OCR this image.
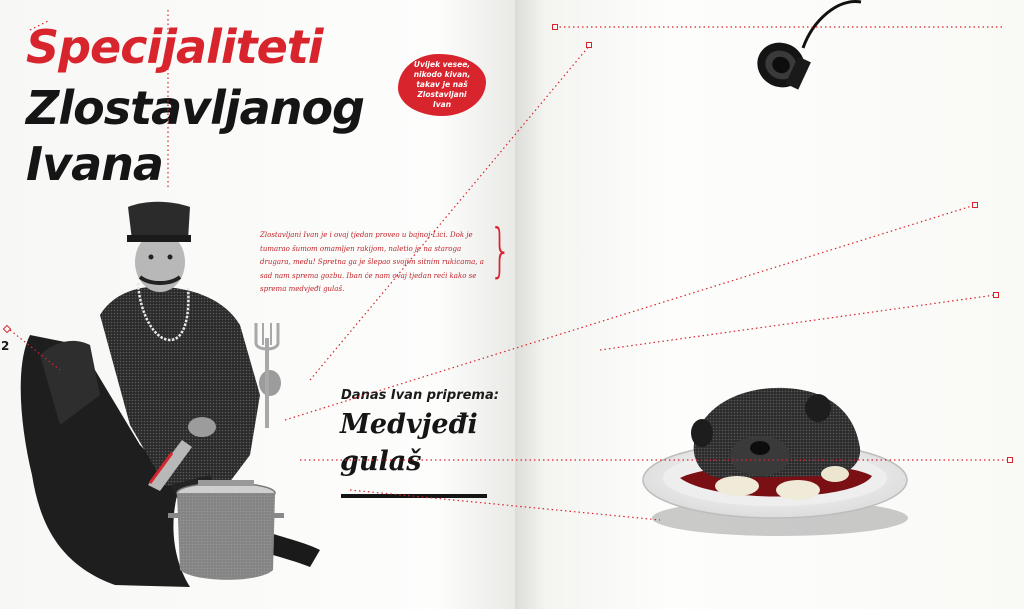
Specijaliteti
Zlostavljanog
Ivana
Uvijek vesee, nikodo kivan, takav je naš Zlostavljani Ivan
Zlostavljani Ivan je i ovaj tjedan proveo u bajnoj Lici. Dok je tumarao šumom omamljen rakijom, naletio je na staroga drugara, medu! Spretna ga je šlepao svojim sitnim rukicama, a sad nam sprema gozbu. Iban će nam ovaj tjedan reći kako se sprema medvjeđi gulaš.
}
Danas Ivan priprema:
Medvjeđi
gulaš
2
